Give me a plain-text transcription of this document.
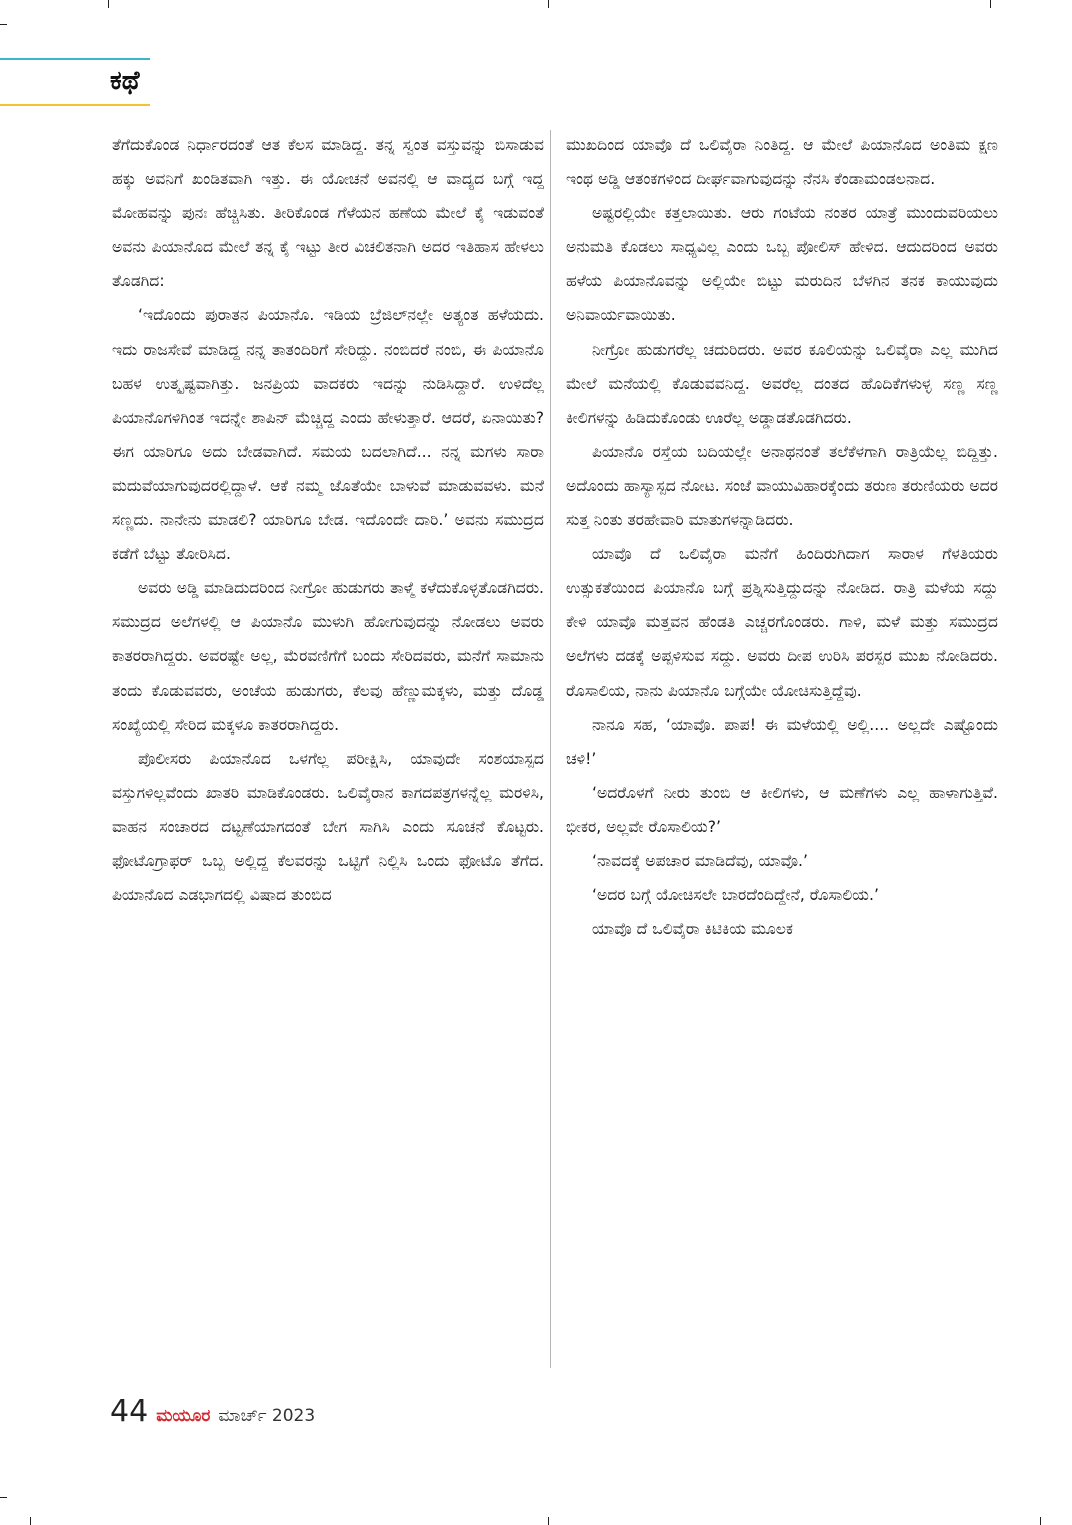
ಕಥೆ

ತೆಗೆದುಕೊಂಡ ನಿರ್ಧಾರದಂತೆ ಆತ ಕೆಲಸ ಮಾಡಿದ್ದ. ತನ್ನ ಸ್ವಂತ ವಸ್ತುವನ್ನು ಬಿಸಾಡುವ ಹಕ್ಕು ಅವನಿಗೆ ಖಂಡಿತವಾಗಿ ಇತ್ತು. ಈ ಯೋಚನೆ ಅವನಲ್ಲಿ ಆ ವಾದ್ಯದ ಬಗ್ಗೆ ಇದ್ದ ಮೋಹವನ್ನು ಪುನಃ ಹೆಚ್ಚಿಸಿತು. ತೀರಿಕೊಂಡ ಗೆಳೆಯನ ಹಣೆಯ ಮೇಲೆ ಕೈ ಇಡುವಂತೆ ಅವನು ಪಿಯಾನೊದ ಮೇಲೆ ತನ್ನ ಕೈ ಇಟ್ಟು ತೀರ ವಿಚಲಿತನಾಗಿ ಅದರ ಇತಿಹಾಸ ಹೇಳಲು ತೊಡಗಿದ:

‘ಇದೊಂದು ಪುರಾತನ ಪಿಯಾನೊ. ಇಡಿಯ ಬ್ರೆಜಿಲ್‌ನಲ್ಲೇ ಅತ್ಯಂತ ಹಳೆಯದು. ಇದು ರಾಜಸೇವೆ ಮಾಡಿದ್ದ ನನ್ನ ತಾತಂದಿರಿಗೆ ಸೇರಿದ್ದು. ನಂಬಿದರೆ ನಂಬಿ, ಈ ಪಿಯಾನೊ ಬಹಳ ಉತ್ಕೃಷ್ಟವಾಗಿತ್ತು. ಜನಪ್ರಿಯ ವಾದಕರು ಇದನ್ನು ನುಡಿಸಿದ್ದಾರೆ. ಉಳಿದೆಲ್ಲ ಪಿಯಾನೊಗಳಿಗಿಂತ ಇದನ್ನೇ ಶಾಪಿನ್ ಮೆಚ್ಚಿದ್ದ ಎಂದು ಹೇಳುತ್ತಾರೆ. ಆದರೆ, ಏನಾಯಿತು? ಈಗ ಯಾರಿಗೂ ಅದು ಬೇಡವಾಗಿದೆ. ಸಮಯ ಬದಲಾಗಿದೆ... ನನ್ನ ಮಗಳು ಸಾರಾ ಮದುವೆಯಾಗುವುದರಲ್ಲಿದ್ದಾಳೆ. ಆಕೆ ನಮ್ಮ ಜೊತೆಯೇ ಬಾಳುವೆ ಮಾಡುವವಳು. ಮನೆ ಸಣ್ಣದು. ನಾನೇನು ಮಾಡಲಿ? ಯಾರಿಗೂ ಬೇಡ. ಇದೊಂದೇ ದಾರಿ.’ ಅವನು ಸಮುದ್ರದ ಕಡೆಗೆ ಬೆಟ್ಟು ತೋರಿಸಿದ.

ಅವರು ಅಡ್ಡಿ ಮಾಡಿದುದರಿಂದ ನೀಗ್ರೋ ಹುಡುಗರು ತಾಳ್ಮೆ ಕಳೆದುಕೊಳ್ಳತೊಡಗಿದರು. ಸಮುದ್ರದ ಅಲೆಗಳಲ್ಲಿ ಆ ಪಿಯಾನೊ ಮುಳುಗಿ ಹೋಗುವುದನ್ನು ನೋಡಲು ಅವರು ಕಾತರರಾಗಿದ್ದರು. ಅವರಷ್ಟೇ ಅಲ್ಲ, ಮೆರವಣಿಗೆಗೆ ಬಂದು ಸೇರಿದವರು, ಮನೆಗೆ ಸಾಮಾನು ತಂದು ಕೊಡುವವರು, ಅಂಚೆಯ ಹುಡುಗರು, ಕೆಲವು ಹೆಣ್ಣುಮಕ್ಕಳು, ಮತ್ತು ದೊಡ್ಡ ಸಂಖ್ಯೆಯಲ್ಲಿ ಸೇರಿದ ಮಕ್ಕಳೂ ಕಾತರರಾಗಿದ್ದರು.

ಪೊಲೀಸರು ಪಿಯಾನೊದ ಒಳಗೆಲ್ಲ ಪರೀಕ್ಷಿಸಿ, ಯಾವುದೇ ಸಂಶಯಾಸ್ಪದ ವಸ್ತುಗಳಿಲ್ಲವೆಂದು ಖಾತರಿ ಮಾಡಿಕೊಂಡರು. ಒಲಿವೈರಾನ ಕಾಗದಪತ್ರಗಳನ್ನೆಲ್ಲ ಮರಳಿಸಿ, ವಾಹನ ಸಂಚಾರದ ದಟ್ಟಣೆಯಾಗದಂತೆ ಬೇಗ ಸಾಗಿಸಿ ಎಂದು ಸೂಚನೆ ಕೊಟ್ಟರು. ಫೋಟೊಗ್ರಾಫರ್ ಒಬ್ಬ ಅಲ್ಲಿದ್ದ ಕೆಲವರನ್ನು ಒಟ್ಟಿಗೆ ನಿಲ್ಲಿಸಿ ಒಂದು ಫೋಟೊ ತೆಗೆದ. ಪಿಯಾನೊದ ಎಡಭಾಗದಲ್ಲಿ ವಿಷಾದ ತುಂಬಿದ

ಮುಖದಿಂದ ಯಾವೊ ದೆ ಒಲಿವೈರಾ ನಿಂತಿದ್ದ. ಆ ಮೇಲೆ ಪಿಯಾನೊದ ಅಂತಿಮ ಕ್ಷಣ ಇಂಥ ಅಡ್ಡಿ ಆತಂಕಗಳಿಂದ ದೀರ್ಘವಾಗುವುದನ್ನು ನೆನಸಿ ಕೆಂಡಾಮಂಡಲನಾದ.

ಅಷ್ಟರಲ್ಲಿಯೇ ಕತ್ತಲಾಯಿತು. ಆರು ಗಂಟೆಯ ನಂತರ ಯಾತ್ರೆ ಮುಂದುವರಿಯಲು ಅನುಮತಿ ಕೊಡಲು ಸಾಧ್ಯವಿಲ್ಲ ಎಂದು ಒಬ್ಬ ಪೋಲಿಸ್ ಹೇಳಿದ. ಆದುದರಿಂದ ಅವರು ಹಳೆಯ ಪಿಯಾನೊವನ್ನು ಅಲ್ಲಿಯೇ ಬಿಟ್ಟು ಮರುದಿನ ಬೆಳಗಿನ ತನಕ ಕಾಯುವುದು ಅನಿವಾರ್ಯವಾಯಿತು.

ನೀಗ್ರೋ ಹುಡುಗರೆಲ್ಲ ಚದುರಿದರು. ಅವರ ಕೂಲಿಯನ್ನು ಒಲಿವೈರಾ ಎಲ್ಲ ಮುಗಿದ ಮೇಲೆ ಮನೆಯಲ್ಲಿ ಕೊಡುವವನಿದ್ದ. ಅವರೆಲ್ಲ ದಂತದ ಹೊದಿಕೆಗಳುಳ್ಳ ಸಣ್ಣ ಸಣ್ಣ ಕೀಲಿಗಳನ್ನು ಹಿಡಿದುಕೊಂಡು ಊರೆಲ್ಲ ಅಡ್ಡಾಡತೊಡಗಿದರು.

ಪಿಯಾನೊ ರಸ್ತೆಯ ಬದಿಯಲ್ಲೇ ಅನಾಥನಂತೆ ತಲೆಕೆಳಗಾಗಿ ರಾತ್ರಿಯೆಲ್ಲ ಬಿದ್ದಿತ್ತು. ಅದೊಂದು ಹಾಸ್ಯಾಸ್ಪದ ನೋಟ. ಸಂಜೆ ವಾಯುವಿಹಾರಕ್ಕೆಂದು ತರುಣ ತರುಣಿಯರು ಅದರ ಸುತ್ತ ನಿಂತು ತರಹೇವಾರಿ ಮಾತುಗಳನ್ನಾಡಿದರು.

ಯಾವೊ ದೆ ಒಲಿವೈರಾ ಮನೆಗೆ ಹಿಂದಿರುಗಿದಾಗ ಸಾರಾಳ ಗೆಳತಿಯರು ಉತ್ಸುಕತೆಯಿಂದ ಪಿಯಾನೊ ಬಗ್ಗೆ ಪ್ರಶ್ನಿಸುತ್ತಿದ್ದುದನ್ನು ನೋಡಿದ. ರಾತ್ರಿ ಮಳೆಯ ಸದ್ದು ಕೇಳಿ ಯಾವೊ ಮತ್ತವನ ಹೆಂಡತಿ ಎಚ್ಚರಗೊಂಡರು. ಗಾಳಿ, ಮಳೆ ಮತ್ತು ಸಮುದ್ರದ ಅಲೆಗಳು ದಡಕ್ಕೆ ಅಪ್ಪಳಿಸುವ ಸದ್ದು. ಅವರು ದೀಪ ಉರಿಸಿ ಪರಸ್ಪರ ಮುಖ ನೋಡಿದರು. ರೊಸಾಲಿಯ, ನಾನು ಪಿಯಾನೊ ಬಗ್ಗೆಯೇ ಯೋಚಿಸುತ್ತಿದ್ದೆವು.

ನಾನೂ ಸಹ, ‘ಯಾವೊ. ಪಾಪ! ಈ ಮಳೆಯಲ್ಲಿ ಅಲ್ಲಿ.... ಅಲ್ಲದೇ ಎಷ್ಟೊಂದು ಚಳಿ!’

‘ಅದರೊಳಗೆ ನೀರು ತುಂಬಿ ಆ ಕೀಲಿಗಳು, ಆ ಮಣೆಗಳು ಎಲ್ಲ ಹಾಳಾಗುತ್ತಿವೆ. ಭೀಕರ, ಅಲ್ಲವೇ ರೊಸಾಲಿಯ?’

‘ನಾವದಕ್ಕೆ ಅಪಚಾರ ಮಾಡಿದೆವು, ಯಾವೊ.’

‘ಅದರ ಬಗ್ಗೆ ಯೋಚಿಸಲೇ ಬಾರದೆಂದಿದ್ದೇನೆ, ರೊಸಾಲಿಯ.’

ಯಾವೊ ದೆ ಒಲಿವೈರಾ ಕಿಟಿಕಿಯ ಮೂಲಕ

44 ಮಯೂರ ಮಾರ್ಚ್ 2023
